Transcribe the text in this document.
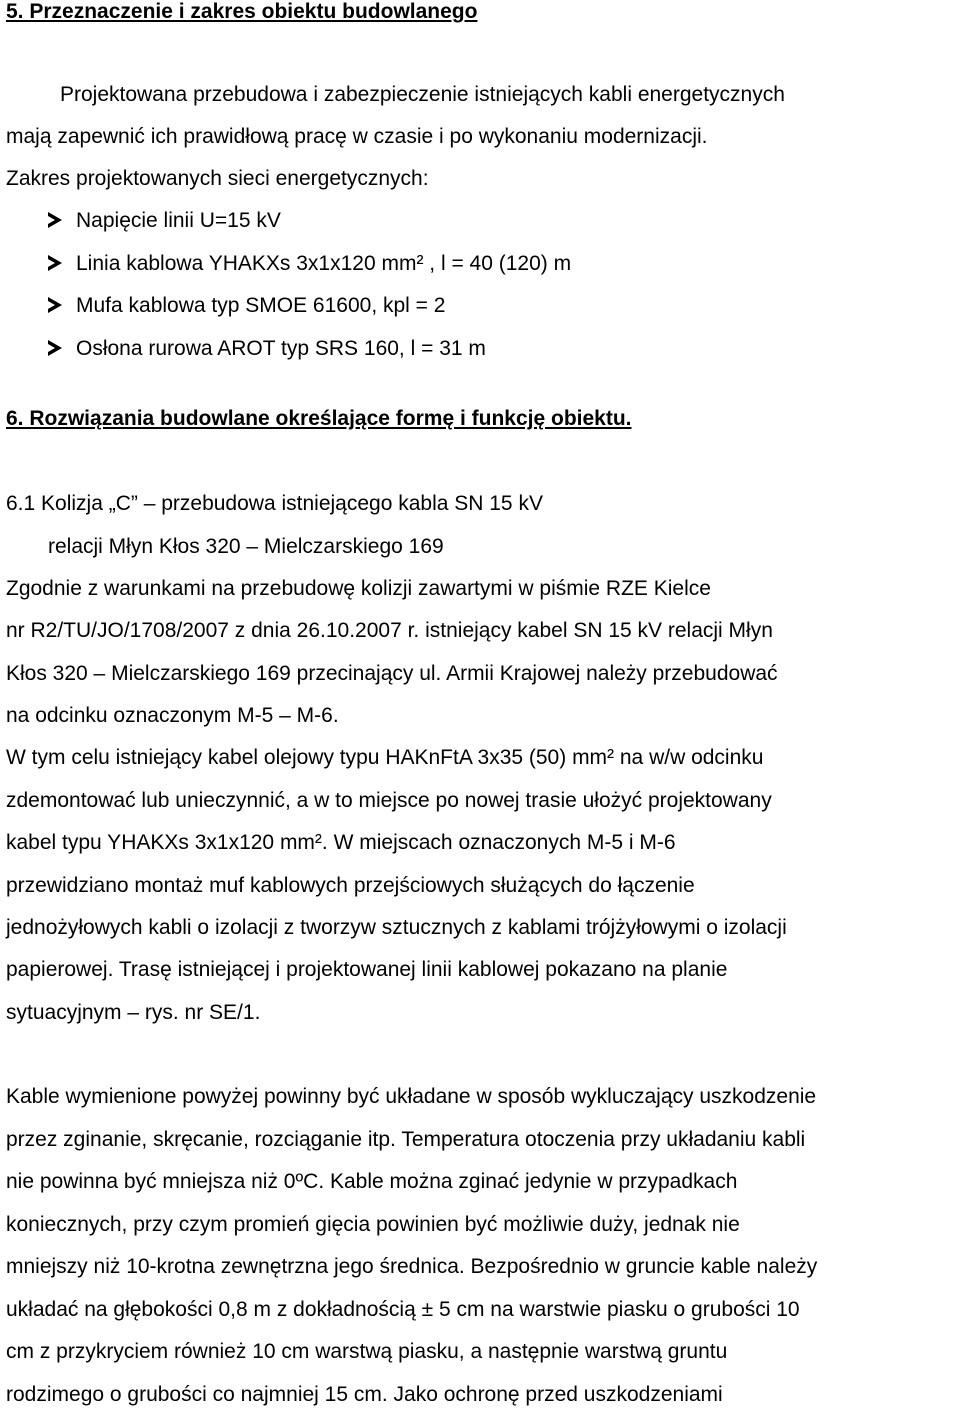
5. Przeznaczenie i zakres obiektu budowlanego
Projektowana przebudowa i zabezpieczenie istniejących kabli energetycznych
mają zapewnić ich prawidłową pracę w czasie i po wykonaniu modernizacji.
Zakres projektowanych sieci energetycznych:
Napięcie linii U=15 kV
Linia kablowa YHAKXs 3x1x120 mm² , l = 40 (120) m
Mufa kablowa typ SMOE 61600, kpl = 2
Osłona rurowa AROT typ SRS 160, l = 31 m
6. Rozwiązania budowlane określające formę i funkcję obiektu.
6.1 Kolizja „C” – przebudowa istniejącego kabla SN 15 kV
relacji Młyn Kłos 320 – Mielczarskiego 169
Zgodnie z warunkami na przebudowę kolizji zawartymi w piśmie RZE Kielce
nr R2/TU/JO/1708/2007 z dnia 26.10.2007 r. istniejący kabel SN 15 kV relacji Młyn
Kłos 320 – Mielczarskiego 169 przecinający ul. Armii Krajowej należy przebudować
na odcinku oznaczonym M-5 – M-6.
W tym celu istniejący kabel olejowy typu HAKnFtA 3x35 (50) mm² na w/w odcinku
zdemontować lub unieczynnić, a w to miejsce po nowej trasie ułożyć projektowany
kabel typu YHAKXs 3x1x120 mm². W miejscach oznaczonych M-5 i M-6
przewidziano montaż muf kablowych przejściowych służących do łączenie
jednożyłowych kabli o izolacji z tworzyw sztucznych z kablami trójżyłowymi o izolacji
papierowej. Trasę istniejącej i projektowanej linii kablowej pokazano na planie
sytuacyjnym – rys. nr SE/1.
Kable wymienione powyżej powinny być układane w sposób wykluczający uszkodzenie
przez zginanie, skręcanie, rozciąganie itp. Temperatura otoczenia przy układaniu kabli
nie powinna być mniejsza niż 0ºC. Kable można zginać jedynie w przypadkach
koniecznych, przy czym promień gięcia powinien być możliwie duży, jednak nie
mniejszy niż 10-krotna zewnętrzna jego średnica. Bezpośrednio w gruncie kable należy
układać na głębokości 0,8 m z dokładnością ± 5 cm na warstwie piasku o grubości 10
cm z przykryciem również 10 cm warstwą piasku, a następnie warstwą gruntu
rodzimego o grubości co najmniej 15 cm. Jako ochronę przed uszkodzeniami
